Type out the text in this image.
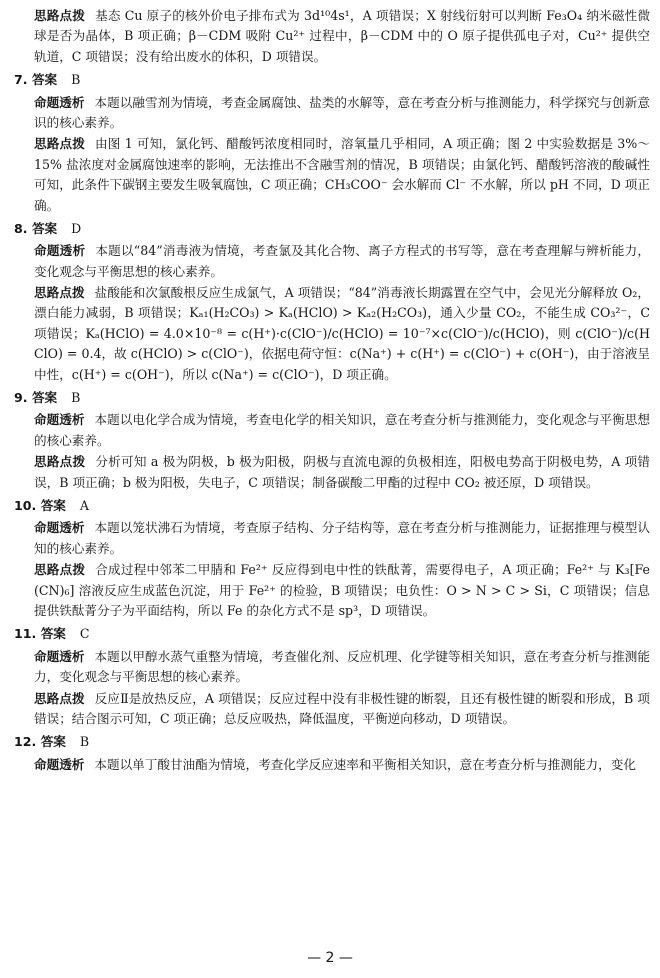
思路点拨 基态 Cu 原子的核外价电子排布式为 3d¹⁰4s¹，A 项错误；X 射线衍射可以判断 Fe₃O₄ 纳米磁性微球是否为晶体，B 项正确；β－CDM 吸附 Cu²⁺ 过程中，β－CDM 中的 O 原子提供孤电子对，Cu²⁺ 提供空轨道，C 项错误；没有给出废水的体积，D 项错误。

7. 答案 B

命题透析 本题以融雪剂为情境，考查金属腐蚀、盐类的水解等，意在考查分析与推测能力，科学探究与创新意识的核心素养。

思路点拨 由图 1 可知，氯化钙、醋酸钙浓度相同时，溶氧量几乎相同，A 项正确；图 2 中实验数据是 3%～15% 盐浓度对金属腐蚀速率的影响，无法推出不含融雪剂的情况，B 项错误；由氯化钙、醋酸钙溶液的酸碱性可知，此条件下碳钢主要发生吸氧腐蚀，C 项正确；CH₃COO⁻ 会水解而 Cl⁻ 不水解，所以 pH 不同，D 项正确。

8. 答案 D

命题透析 本题以“84”消毒液为情境，考查氯及其化合物、离子方程式的书写等，意在考查理解与辨析能力，变化观念与平衡思想的核心素养。

思路点拨 盐酸能和次氯酸根反应生成氯气，A 项错误；“84”消毒液长期露置在空气中，会见光分解释放 O₂，漂白能力减弱，B 项错误；Kₐ₁(H₂CO₃) > Kₐ(HClO) > Kₐ₂(H₂CO₃)，通入少量 CO₂，不能生成 CO₃²⁻，C 项错误；Kₐ(HClO) = 4.0×10⁻⁸ = c(H⁺)·c(ClO⁻)/c(HClO) = 10⁻⁷×c(ClO⁻)/c(HClO)，则 c(ClO⁻)/c(HClO) = 0.4，故 c(HClO) > c(ClO⁻)，依据电荷守恒：c(Na⁺) + c(H⁺) = c(ClO⁻) + c(OH⁻)，由于溶液呈中性，c(H⁺) = c(OH⁻)，所以 c(Na⁺) = c(ClO⁻)，D 项正确。

9. 答案 B

命题透析 本题以电化学合成为情境，考查电化学的相关知识，意在考查分析与推测能力，变化观念与平衡思想的核心素养。

思路点拨 分析可知 a 极为阴极，b 极为阳极，阴极与直流电源的负极相连，阳极电势高于阴极电势，A 项错误，B 项正确；b 极为阳极，失电子，C 项错误；制备碳酸二甲酯的过程中 CO₂ 被还原，D 项错误。

10. 答案 A

命题透析 本题以笼状沸石为情境，考查原子结构、分子结构等，意在考查分析与推测能力，证据推理与模型认知的核心素养。

思路点拨 合成过程中邻苯二甲腈和 Fe²⁺ 反应得到电中性的铁酞菁，需要得电子，A 项正确；Fe²⁺ 与 K₃[Fe(CN)₆] 溶液反应生成蓝色沉淀，用于 Fe²⁺ 的检验，B 项错误；电负性：O > N > C > Si，C 项错误；信息提供铁酞菁分子为平面结构，所以 Fe 的杂化方式不是 sp³，D 项错误。

11. 答案 C

命题透析 本题以甲醇水蒸气重整为情境，考查催化剂、反应机理、化学键等相关知识，意在考查分析与推测能力，变化观念与平衡思想的核心素养。

思路点拨 反应Ⅱ是放热反应，A 项错误；反应过程中没有非极性键的断裂，且还有极性键的断裂和形成，B 项错误；结合图示可知，C 项正确；总反应吸热，降低温度，平衡逆向移动，D 项错误。

12. 答案 B

命题透析 本题以单丁酸甘油酯为情境，考查化学反应速率和平衡相关知识，意在考查分析与推测能力，变化

— 2 —
